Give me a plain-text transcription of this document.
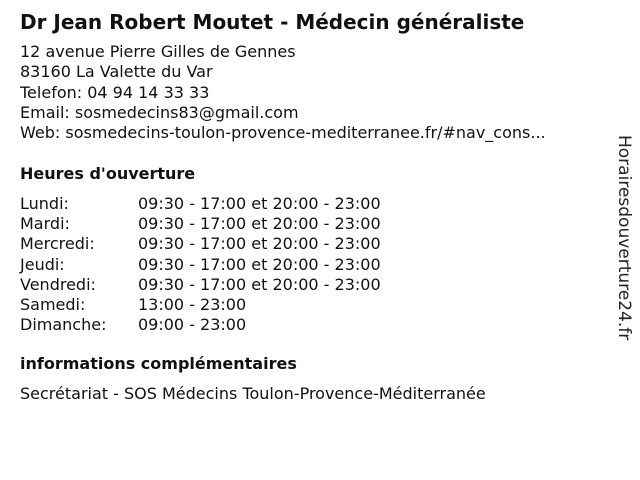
Dr Jean Robert Moutet - Médecin généraliste
12 avenue Pierre Gilles de Gennes
83160 La Valette du Var
Telefon: 04 94 14 33 33
Email: sosmedecins83@gmail.com
Web: sosmedecins-toulon-provence-mediterranee.fr/#nav_cons...
Heures d'ouverture
Lundi:	09:30 - 17:00 et 20:00 - 23:00
Mardi:	09:30 - 17:00 et 20:00 - 23:00
Mercredi:	09:30 - 17:00 et 20:00 - 23:00
Jeudi:	09:30 - 17:00 et 20:00 - 23:00
Vendredi:	09:30 - 17:00 et 20:00 - 23:00
Samedi:	13:00 - 23:00
Dimanche: 09:00 - 23:00
informations complémentaires
Secrétariat - SOS Médecins Toulon-Provence-Méditerranée
Horairesdouverture24.fr
